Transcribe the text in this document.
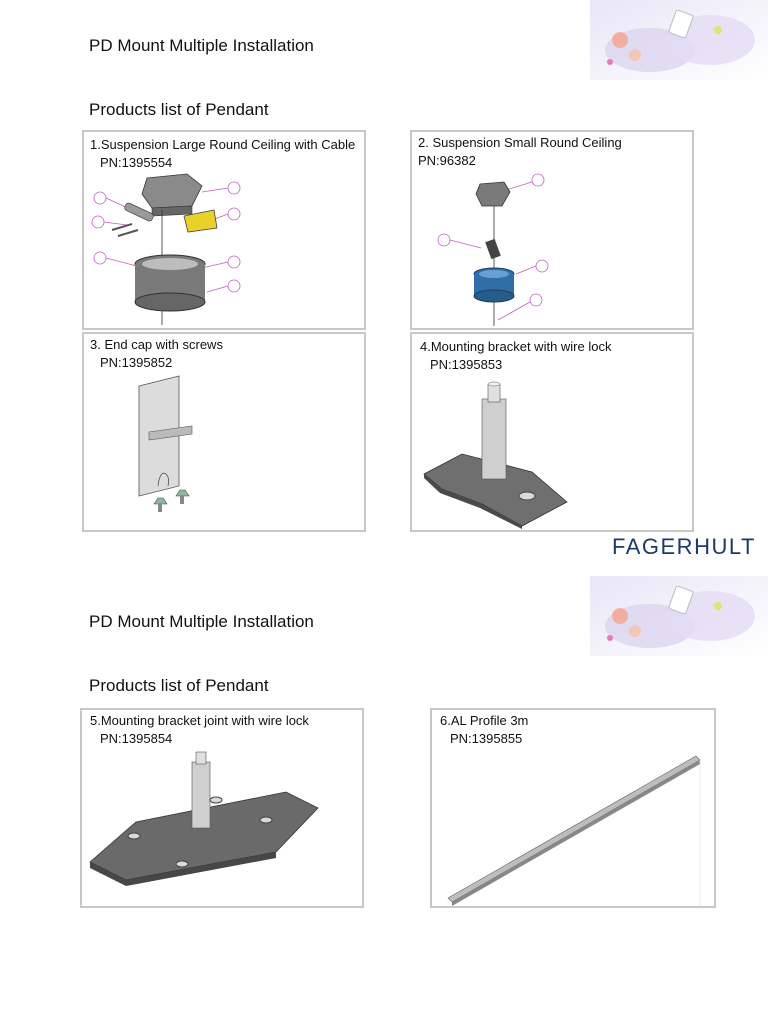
PD Mount Multiple Installation
Products list of Pendant
1.Suspension Large Round Ceiling with Cable
PN:1395554
2. Suspension Small Round Ceiling
PN:96382
3. End cap with screws
PN:1395852
4.Mounting bracket with wire lock
PN:1395853
FAGERHULT
PD Mount Multiple Installation
Products list of Pendant
5.Mounting bracket joint with wire lock
PN:1395854
6.AL Profile 3m
PN:1395855
